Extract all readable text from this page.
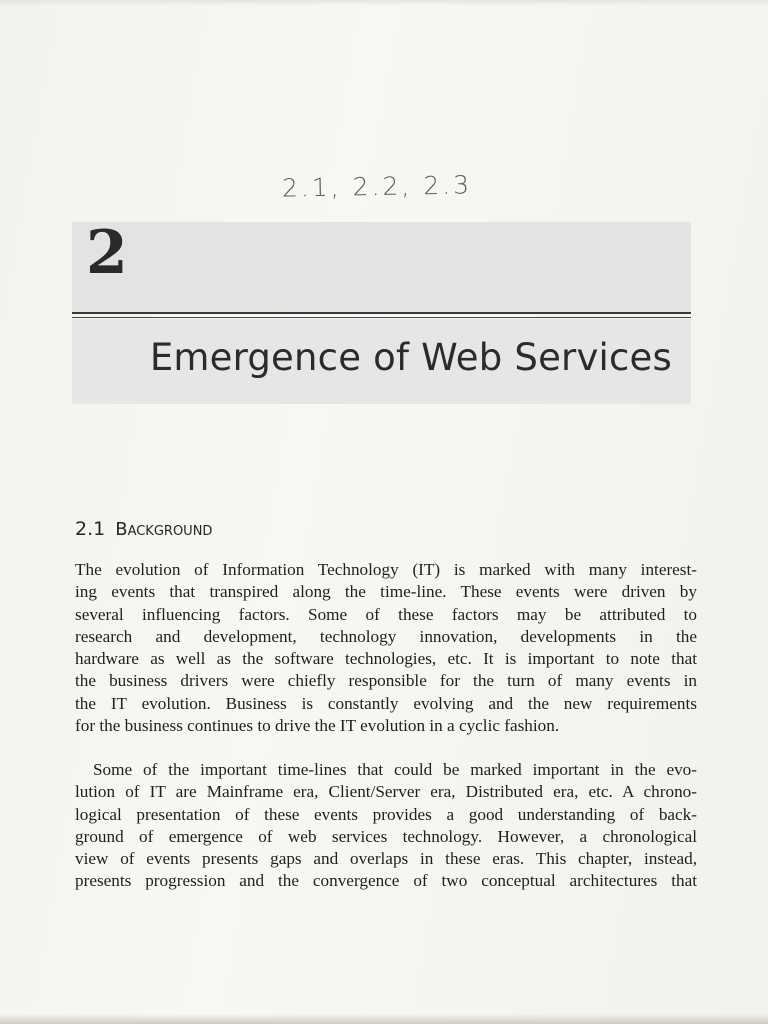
2.1, 2.2, 2.3
2
Emergence of Web Services
2.1 Background
The evolution of Information Technology (IT) is marked with many interest-
ing events that transpired along the time-line. These events were driven by
several influencing factors. Some of these factors may be attributed to
research and development, technology innovation, developments in the
hardware as well as the software technologies, etc. It is important to note that
the business drivers were chiefly responsible for the turn of many events in
the IT evolution. Business is constantly evolving and the new requirements
for the business continues to drive the IT evolution in a cyclic fashion.
Some of the important time-lines that could be marked important in the evo-
lution of IT are Mainframe era, Client/Server era, Distributed era, etc. A chrono-
logical presentation of these events provides a good understanding of back-
ground of emergence of web services technology. However, a chronological
view of events presents gaps and overlaps in these eras. This chapter, instead,
presents progression and the convergence of two conceptual architectures that
